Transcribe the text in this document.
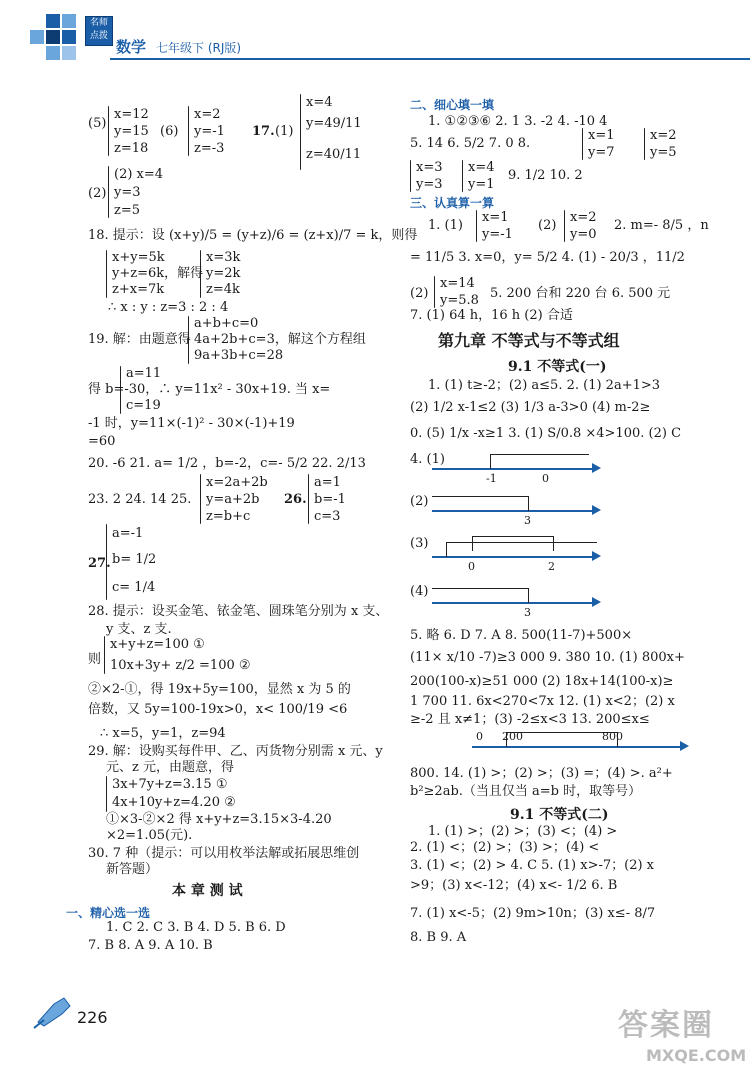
名师
点拨
数学 七年级下 (RJ版)
(5)
x=12
y=15
z=18
(6)
x=2
y=-1
z=-3
17. (1)
x=4
y=49/11
z=40/11
(2)
(2) x=4
y=3
z=5
18. 提示：设 (x+y)/5 = (y+z)/6 = (z+x)/7 = k，则得
x+y=5k
y+z=6k，解得
z+x=7k
x=3k
y=2k
z=4k
∴ x : y : z=3 : 2 : 4
19. 解：由题意得
a+b+c=0
4a+2b+c=3，解这个方程组
9a+3b+c=28
a=11
得 b=-30，∴ y=11x² - 30x+19. 当 x=
c=19
-1 时，y=11×(-1)² - 30×(-1)+19
=60
20. -6 21. a= 1/2 ，b=-2，c=- 5/2 22. 2/13
23. 2 24. 14 25.
x=2a+2b
y=a+2b
z=b+c
26.
a=1
b=-1
c=3
27.
a=-1
b= 1/2
c= 1/4
28. 提示：设买金笔、铱金笔、圆珠笔分别为 x 支、
y 支、z 支.
则
x+y+z=100 ①
10x+3y+ z/2 =100 ②
②×2-①，得 19x+5y=100，显然 x 为 5 的
倍数，又 5y=100-19x>0，x< 100/19 <6
∴ x=5，y=1，z=94
29. 解：设购买每件甲、乙、丙货物分别需 x 元、y
元、z 元，由题意，得
3x+7y+z=3.15 ①
4x+10y+z=4.20 ②
①×3-②×2 得 x+y+z=3.15×3-4.20
×2=1.05(元).
30. 7 种（提示：可以用枚举法解或拓展思维创
新答题）
本 章 测 试
一、精心选一选
1. C 2. C 3. B 4. D 5. B 6. D
7. B 8. A 9. A 10. B
二、细心填一填
1. ①②③⑥ 2. 1 3. -2 4. -10 4
5. 14 6. 5/2 7. 0 8.
x=1
y=7
x=2
y=5
x=3
y=3
x=4
y=1
9. 1/2 10. 2
三、认真算一算
1. (1)
x=1
y=-1
(2)
x=2
y=0
2. m=- 8/5 ，n
= 11/5 3. x=0，y= 5/2 4. (1) - 20/3 ，11/2
(2)
x=14
y=5.8 5. 200 台和 220 台 6. 500 元
7. (1) 64 h，16 h (2) 合适
第九章 不等式与不等式组
9.1 不等式(一)
1. (1) t≥-2；(2) a≤5. 2. (1) 2a+1>3
(2) 1/2 x-1≤2 (3) 1/3 a-3>0 (4) m-2≥
0. (5) 1/x -x≥1 3. (1) S/0.8 ×4>100. (2) C
4. (1)
-1	0
(2)
3
(3)
0	2
(4)
3
5. 略 6. D 7. A 8. 500(11-7)+500×
(11× x/10 -7)≥3 000 9. 380 10. (1) 800x+
200(100-x)≥51 000 (2) 18x+14(100-x)≥
1 700 11. 6x<270<7x 12. (1) x<2；(2) x
≥-2 且 x≠1；(3) -2≤x<3 13. 200≤x≤
0 200	800
800. 14. (1) >；(2) >；(3) =；(4) >. a²+
b²≥2ab.（当且仅当 a=b 时，取等号）
9.1 不等式(二)
1. (1) >；(2) >；(3) <；(4) >
2. (1) <；(2) >；(3) >；(4) <
3. (1) <；(2) > 4. C 5. (1) x>-7；(2) x
>9；(3) x<-12；(4) x<- 1/2 6. B
7. (1) x<-5；(2) 9m>10n；(3) x≤- 8/7
8. B 9. A
226	答案圈
MXQE.COM
